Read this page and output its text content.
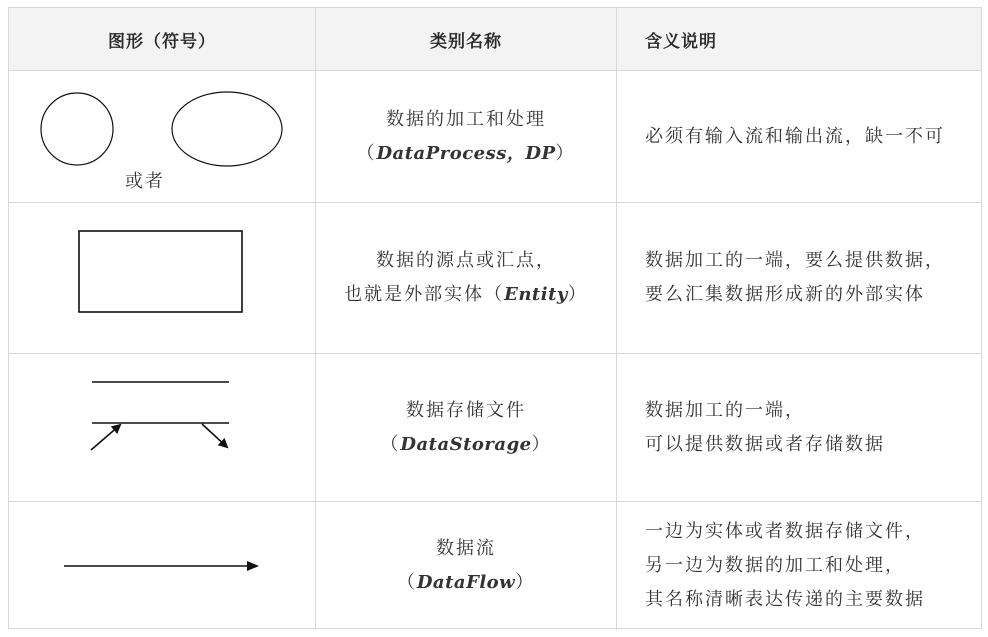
图形（符号）	类别名称	含义说明
或者
数据的加工和处理
（DataProcess，DP）
必须有输入流和输出流，缺一不可
数据的源点或汇点，
也就是外部实体（Entity）
数据加工的一端，要么提供数据，
要么汇集数据形成新的外部实体
数据存储文件
（DataStorage）
数据加工的一端，
可以提供数据或者存储数据
数据流
（DataFlow）
一边为实体或者数据存储文件，
另一边为数据的加工和处理，
其名称清晰表达传递的主要数据
